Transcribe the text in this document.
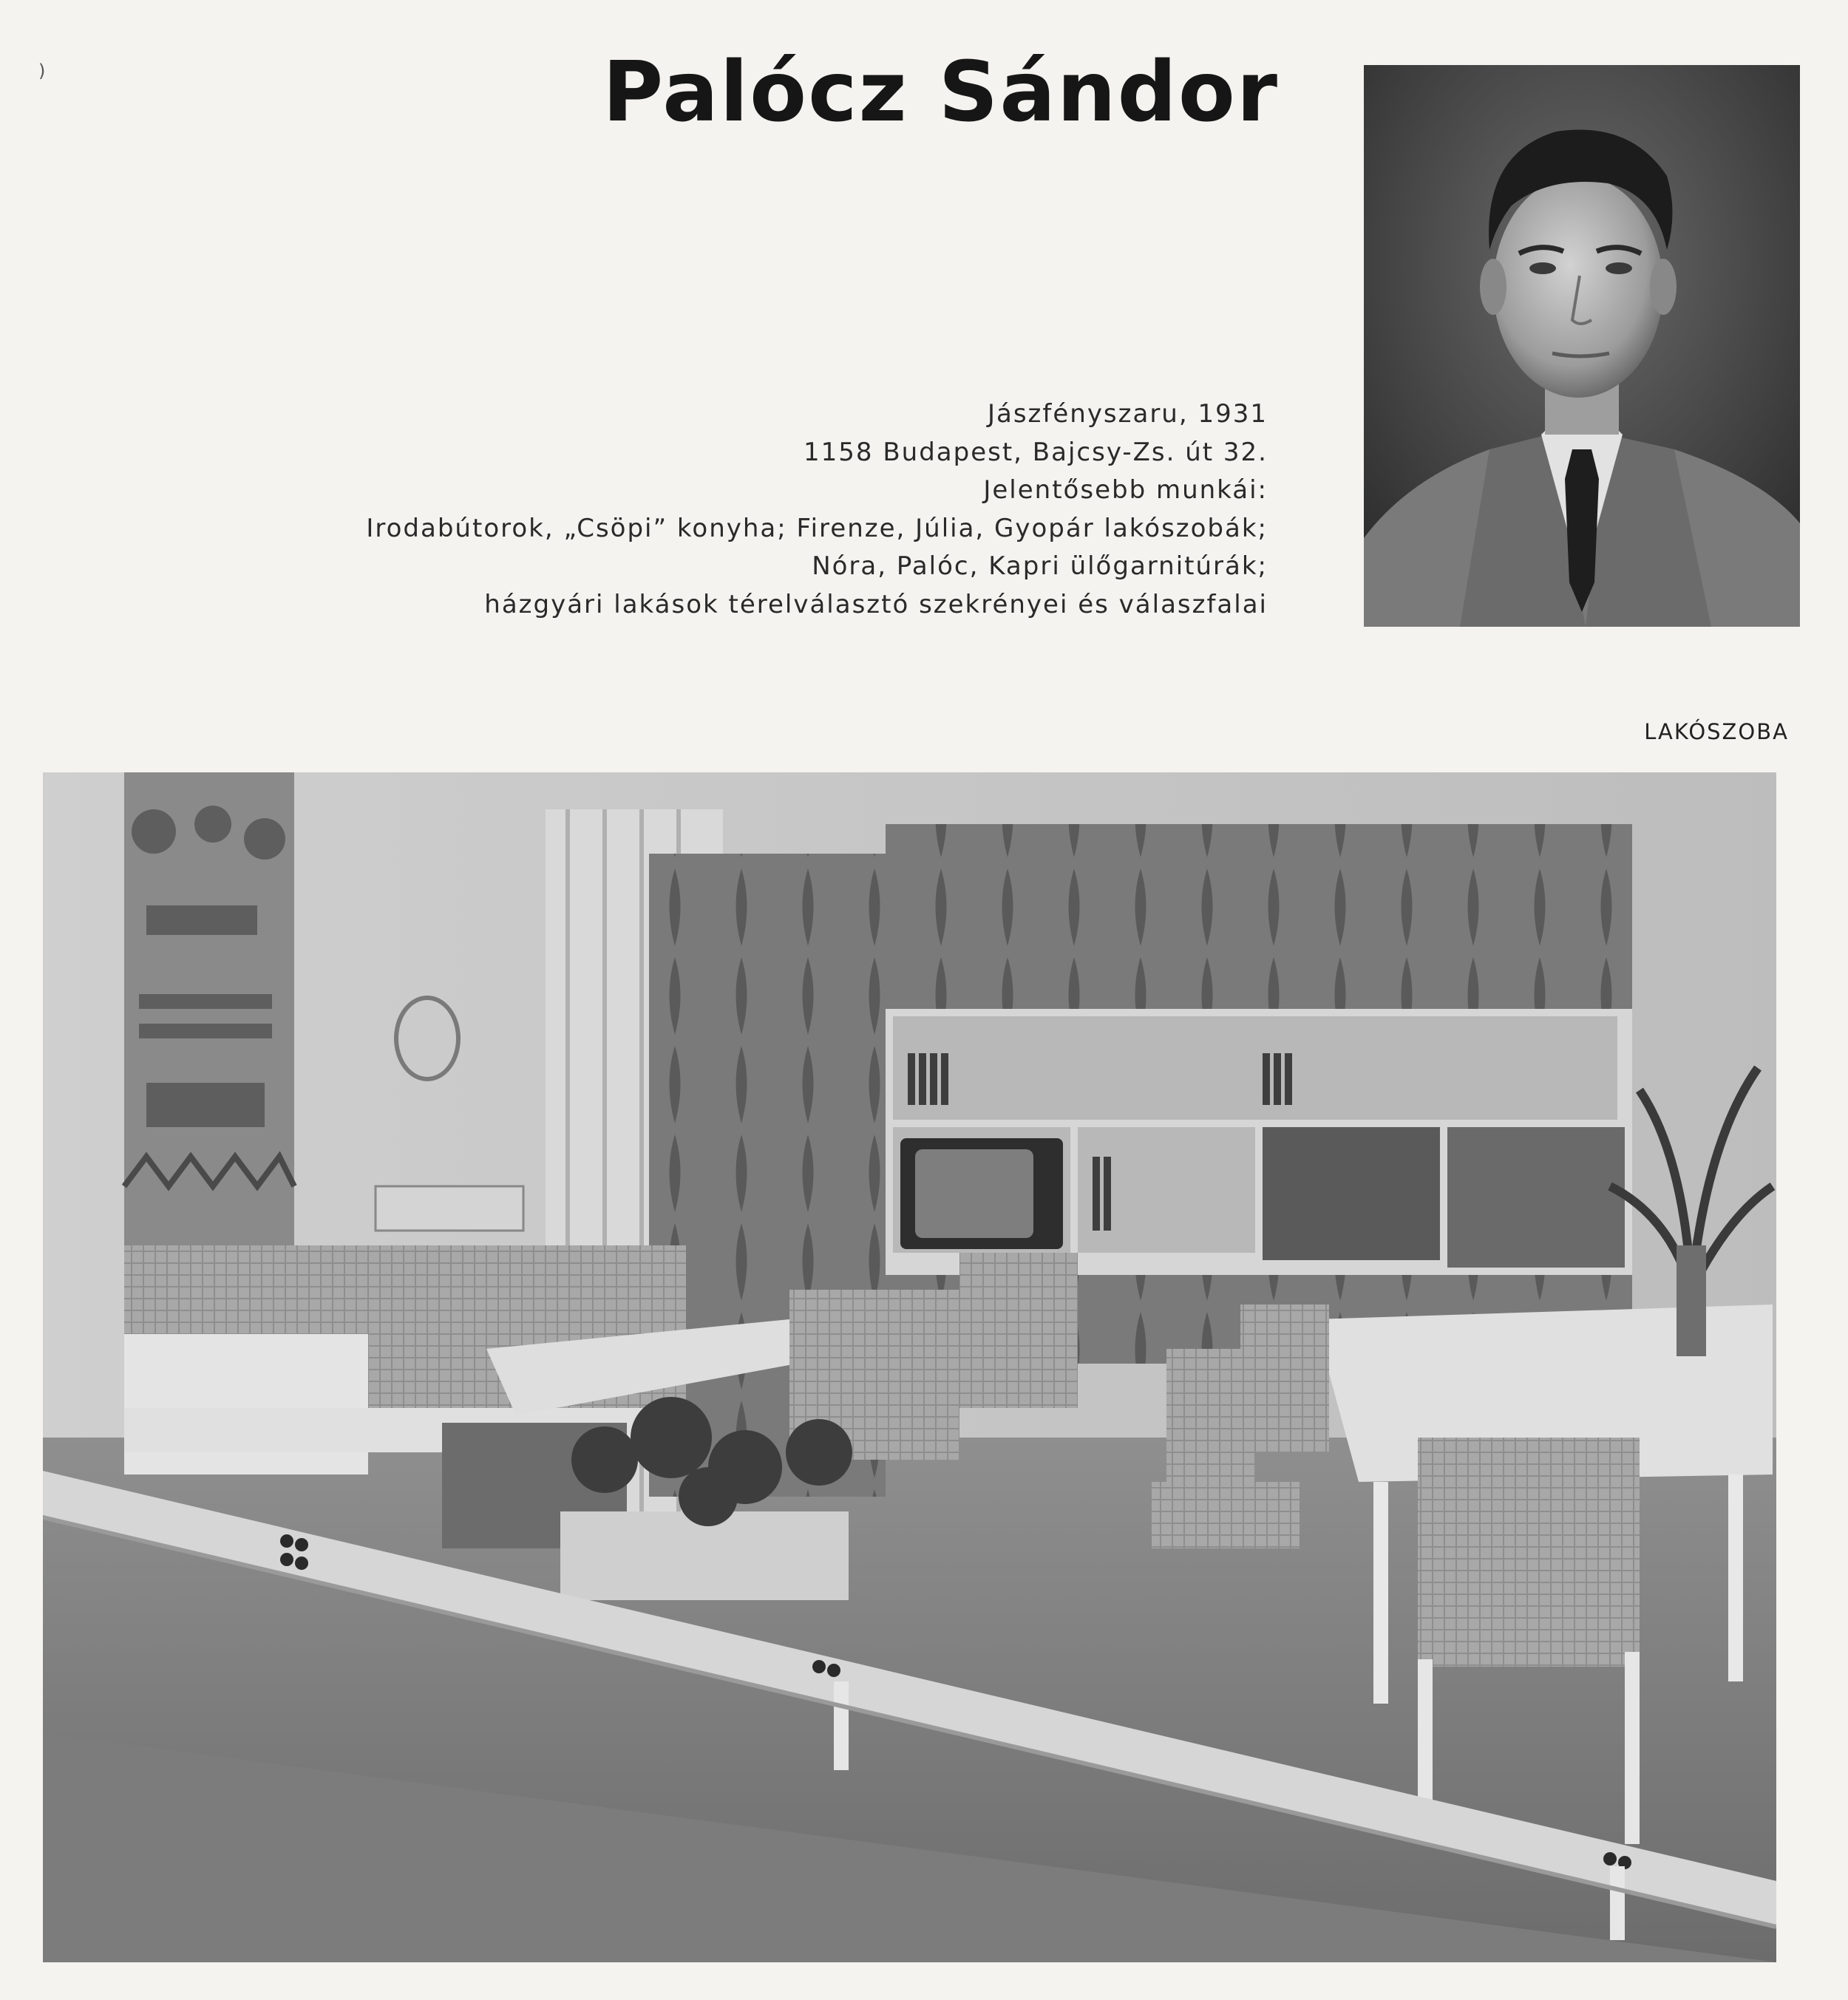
)	Palócz Sándor
Jászfényszaru, 1931
1158 Budapest, Bajcsy-Zs. út 32.
Jelentősebb munkái:
Irodabútorok, „Csöpi” konyha; Firenze, Júlia, Gyopár lakószobák;
Nóra, Palóc, Kapri ülőgarnitúrák;
házgyári lakások térelválasztó szekrényei és válaszfalai
LAKÓSZOBA
